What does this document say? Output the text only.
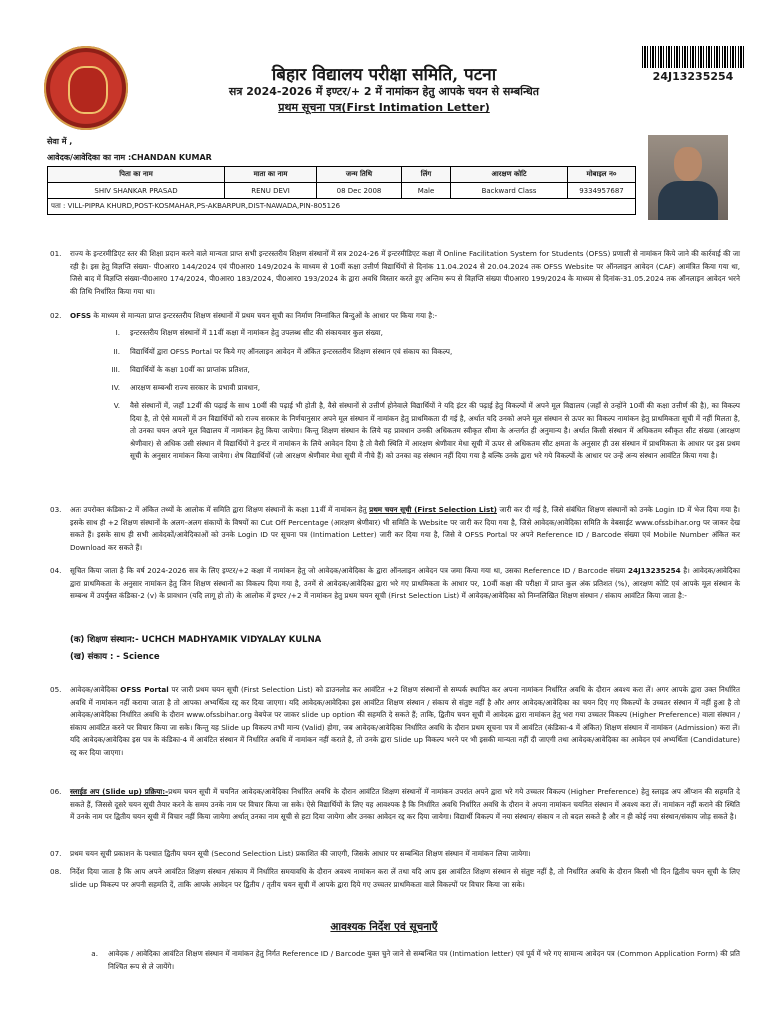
बिहार विद्यालय परीक्षा समिति, पटना
सत्र 2024-2026 में इण्टर/+ 2 में नामांकन हेतु आपके चयन से सम्बन्धित
प्रथम सूचना पत्र(First Intimation Letter)
24J13235254
सेवा में ,
आवेदक/आवेदिका का नाम :CHANDAN KUMAR
पिता का नाम	माता का नाम	जन्म तिथि	लिंग	आरक्षण कोटि	मोबाइल न०
SHIV SHANKAR PRASAD	RENU DEVI	08 Dec 2008	Male	Backward Class	9334957687
पता : VILL-PIPRA KHURD,POST-KOSMAHAR,PS-AKBARPUR,DIST-NAWADA,PIN-805126					
01. राज्य के इन्टरमीडिएट स्तर की शिक्षा प्रदान करने वाले मान्यता प्राप्त सभी इन्टरस्तरीय शिक्षण संस्थानों में सत्र 2024-26 में इन्टरमीडिएट कक्षा में Online Facilitation System for Students (OFSS) प्रणाली से नामांकन किये जाने की कार्रवाई की जा रही है। इस हेतु विज्ञप्ति संख्या- पी0आर0 144/2024 एवं पी0आर0 149/2024 के माध्यम से 10वीं कक्षा उत्तीर्ण विद्यार्थियों से दिनांक 11.04.2024 से 20.04.2024 तक OFSS Website पर ऑनलाइन आवेदन (CAF) आमंत्रित किया गया था, जिसे बाद में विज्ञप्ति संख्या-पी0आर0 174/2024, पी0आर0 183/2024, पी0आर0 193/2024 के द्वारा अवधि विस्तार करते हुए अन्तिम रूप से विज्ञप्ति संख्या पी0आर0 199/2024 के माध्यम से दिनांक-31.05.2024 तक ऑनलाइन आवेदन भरने की तिथि निर्धारित किया गया था।
02. OFSS के माध्यम से मान्यता प्राप्त इन्टरस्तरीय शिक्षण संस्थानों में प्रथम चयन सूची का निर्माण निम्नांकित बिन्दुओं के आधार पर किया गया है:-
I. इन्टरस्तरीय शिक्षण संस्थानों में 11वीं कक्षा में नामांकन हेतु उपलब्ध सीट की संकायवार कुल संख्या,
II. विद्यार्थियों द्वारा OFSS Portal पर किये गए ऑनलाइन आवेदन में अंकित इन्टरस्तरीय शिक्षण संस्थान एवं संकाय का विकल्प,
III. विद्यार्थियों के कक्षा 10वीं का प्राप्तांक प्रतिशत,
IV. आरक्षण सम्बन्धी राज्य सरकार के प्रभावी प्रावधान,
V. वैसे संस्थानों में, जहाँ 12वीं की पढ़ाई के साथ 10वीं की पढ़ाई भी होती है, वैसे संस्थानों से उत्तीर्ण होनेवाले विद्यार्थियों ने यदि इंटर की पढ़ाई हेतु विकल्पों में अपने मूल विद्यालय (जहाँ से उन्होंने 10वीं की कक्षा उत्तीर्ण की है), का विकल्प दिया है, तो ऐसे मामलों में उन विद्यार्थियों को राज्य सरकार के निर्णयानुसार अपने मूल संस्थान में नामांकन हेतु प्राथमिकता दी गई है, अर्थात यदि उनको अपने मूल संस्थान से ऊपर का विकल्प नामांकन हेतु प्राथमिकता सूची में नहीं मिलता है, तो उनका चयन अपने मूल विद्यालय में नामांकन हेतु किया जायेगा। किन्तु शिक्षण संस्थान के लिये यह प्रावधान उनकी अधिकतम स्वीकृत सीमा के अन्तर्गत ही अनुमान्य है। अर्थात किसी संस्थान में अधिकतम स्वीकृत सीट संख्या (आरक्षण श्रेणीवार) से अधिक उसी संस्थान में विद्यार्थियों ने इन्टर में नामांकन के लिये आवेदन दिया है तो वैसी स्थिति में आरक्षण श्रेणीवार मेधा सूची में ऊपर से अधिकतम सीट क्षमता के अनुसार ही उस संस्थान में प्राथमिकता के आधार पर इस प्रथम सूची के अनुसार नामांकन किया जायेगा। शेष विद्यार्थियों (जो आरक्षण श्रेणीवार मेधा सूची में नीचे हैं) को उनका वह संस्थान नहीं दिया गया है बल्कि उनके द्वारा भरे गये विकल्पों के आधार पर उन्हें अन्य संस्थान आवंटित किया गया है।
03. अतः उपरोक्त कंडिका-2 में अंकित तथ्यों के आलोक में समिति द्वारा शिक्षण संस्थानों के कक्षा 11वीं में नामांकन हेतु प्रथम चयन सूची (First Selection List) जारी कर दी गई है, जिसे संबंधित शिक्षण संस्थानों को उनके Login ID में भेज दिया गया है। इसके साथ ही +2 शिक्षण संस्थानों के अलग-अलग संकायों के विषयों का Cut Off Percentage (आरक्षण श्रेणीवार) भी समिति के Website पर जारी कर दिया गया है, जिसे आवेदक/आवेदिका समिति के वेबसाईट www.ofssbihar.org पर जाकर देख सकते हैं। इसके साथ ही सभी आवेदकों/आवेदिकाओं को उनके Login ID पर सूचना पत्र (Intimation Letter) जारी कर दिया गया है, जिसे वे OFSS Portal पर अपने Reference ID / Barcode संख्या एवं Mobile Number अंकित कर Download कर सकते हैं।
04. सूचित किया जाता है कि वर्ष 2024-2026 सत्र के लिए इण्टर/+2 कक्षा में नामांकन हेतु जो आवेदक/आवेदिका के द्वारा ऑनलाइन आवेदन पत्र जमा किया गया था, उसका Reference ID / Barcode संख्या 24J13235254 है। आवेदक/आवेदिका द्वारा प्राथमिकता के अनुसार नामांकन हेतु जिन शिक्षण संस्थानों का विकल्प दिया गया है, उनमें से आवेदक/आवेदिका द्वारा भरे गए प्राथमिकता के आधार पर, 10वीं कक्षा की परीक्षा में प्राप्त कुल अंक प्रतिशत (%), आरक्षण कोटि एवं आपके मूल संस्थान के सम्बन्ध में उपर्युक्त कंडिका-2 (v) के प्रावधान (यदि लागू हो तो) के आलोक में इण्टर /+2 में नामांकन हेतु प्रथम चयन सूची (First Selection List) में आवेदक/आवेदिका को निम्नलिखित शिक्षण संस्थान / संकाय आवंटित किया जाता है:-
(क) शिक्षण संस्थान:- UCHCH MADHYAMIK VIDYALAY KULNA
(ख) संकाय : - Science
05. आवेदक/आवेदिका OFSS Portal पर जारी प्रथम चयन सूची (First Selection List) को डाउनलोड कर आवंटित +2 शिक्षण संस्थानों से सम्पर्क स्थापित कर अपना नामांकन निर्धारित अवधि के दौरान अवश्य करा लें। अगर आपके द्वारा उक्त निर्धारित अवधि में नामांकन नहीं कराया जाता है तो आपका अभ्यर्थित्व रद्द कर दिया जाएगा। यदि आवेदक/आवेदिका इस आवंटित शिक्षण संस्थान / संकाय से संतुष्ट नहीं है और अगर आवेदक/आवेदिका का चयन दिए गए विकल्पों के उच्चतर संस्थान में नहीं हुआ है तो आवेदक/आवेदिका निर्धारित अवधि के दौरान www.ofssbihar.org वेबपेज पर जाकर slide up option की सहमति दे सकते हैं; ताकि, द्वितीय चयन सूची में आवेदक द्वारा नामांकन हेतु भरा गया उच्चतर विकल्प (Higher Preference) वाला संस्थान /संकाय आवंटित करने पर विचार किया जा सके। किन्तु यह Slide up विकल्प तभी मान्य (Valid) होगा, जब आवेदक/आवेदिका निर्धारित अवधि के दौरान प्रथम सूचना पत्र में आवंटित (कंडिका-4 में अंकित) शिक्षण संस्थान में नामांकन (Admission) करा लें। यदि आवेदक/आवेदिका इस पत्र के कंडिका-4 में आवंटित संस्थान में निर्धारित अवधि में नामांकन नहीं कराते है, तो उनके द्वारा Slide up विकल्प भरने पर भी इसकी मान्यता नहीं दी जाएगी तथा आवेदक/आवेदिका का आवेदन एवं अभ्यर्थिता (Candidature) रद्द कर दिया जाएगा।
06. स्लाईड अप (Slide up) प्रक्रिया:-प्रथम चयन सूची में चयनित आवेदक/आवेदिका निर्धारित अवधि के दौरान आवंटित शिक्षण संस्थानों में नामांकन उपरांत अपने द्वारा भरे गये उच्चतर विकल्प (Higher Preference) हेतु स्लाइड अप ऑप्शन की सहमति दे सकते हैं, जिससे दूसरे चयन सूची तैयार करने के समय उनके नाम पर विचार किया जा सके। ऐसे विद्यार्थियों के लिए यह आवश्यक है कि निर्धारित अवधि निर्धारित अवधि के दौरान वे अपना नामांकन चयनित संस्थान में अवश्य करा लें। नामांकन नहीं कराने की स्थिति में उनके नाम पर द्वितीय चयन सूची में विचार नहीं किया जायेगा अर्थात् उनका नाम सूची से हटा दिया जायेगा और उनका आवेदन रद्द कर दिया जायेगा। विद्यार्थी विकल्प में नया संस्थान/ संकाय न तो बदल सकते है और न ही कोई नया संस्थान/संकाय जोड़ सकते है।
07. प्रथम चयन सूची प्रकाशन के पश्चात द्वितीय चयन सूची (Second Selection List) प्रकाशित की जाएगी, जिसके आधार पर सम्बन्धित शिक्षण संस्थान में नामांकन लिया जायेगा।
08. निर्देश दिया जाता है कि आप अपने आवंटित शिक्षण संस्थान /संकाय में निर्धारित समयावधि के दौरान अवश्य नामांकन करा लें तथा यदि आप इस आवंटित शिक्षण संस्थान से संतुष्ट नहीं है, तो निर्धारित अवधि के दौरान किसी भी दिन द्वितीय चयन सूची के लिए slide up विकल्प पर अपनी सहमति दें, ताकि आपके आवेदन पर द्वितीय / तृतीय चयन सूची में आपके द्वारा दिये गए उच्चतर प्राथमिकता वाले विकल्पों पर विचार किया जा सके।
आवश्यक निर्देश एवं सूचनाएँ
a. आवेदक / आवेदिका आवंटित शिक्षण संस्थान में नामांकन हेतु निर्गत Reference ID / Barcode युक्त चुने जाने से सम्बन्धित पत्र (Intimation letter) एवं पूर्व में भरे गए सामान्य आवेदन पत्र (Common Application Form) की प्रति निश्चित रूप से ले जायेंगे।
